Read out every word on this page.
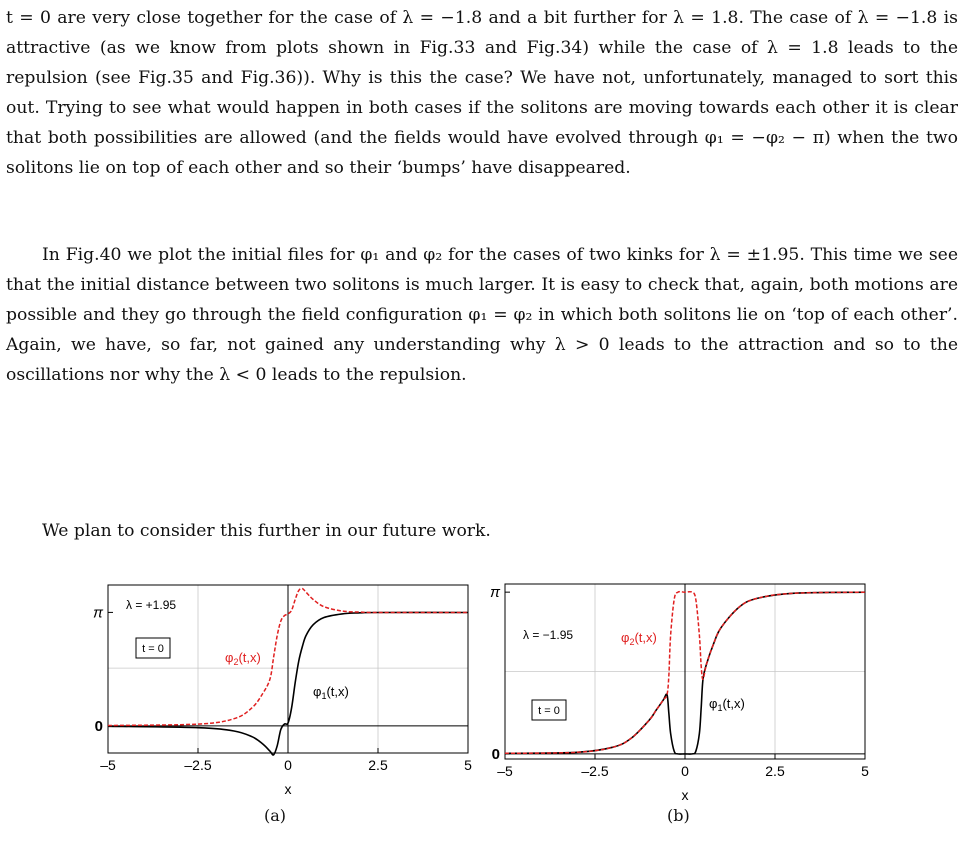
t = 0 are very close together for the case of λ = −1.8 and a bit further for λ = 1.8. The case of λ = −1.8 is attractive (as we know from plots shown in Fig.33 and Fig.34) while the case of λ = 1.8 leads to the repulsion (see Fig.35 and Fig.36)). Why is this the case? We have not, unfortunately, managed to sort this out. Trying to see what would happen in both cases if the solitons are moving towards each other it is clear that both possibilities are allowed (and the fields would have evolved through φ₁ = −φ₂ − π) when the two solitons lie on top of each other and so their ‘bumps’ have disappeared.

In Fig.40 we plot the initial files for φ₁ and φ₂ for the cases of two kinks for λ = ±1.95. This time we see that the initial distance between two solitons is much larger. It is easy to check that, again, both motions are possible and they go through the field configuration φ₁ = φ₂ in which both solitons lie on ‘top of each other’. Again, we have, so far, not gained any understanding why λ > 0 leads to the attraction and so to the oscillations nor why the λ < 0 leads to the repulsion.

We plan to consider this further in our future work.

–5	–2.5	0	2.5	5
0
π
x
λ = +1.95
t = 0
$\varphi_2(t,x)$
$\varphi_1(t,x)$
–5	–2.5	0	2.5	5
0
π
x
λ = −1.95
t = 0
$\varphi_2(t,x)$
$\varphi_1(t,x)$
(a)	(b)
